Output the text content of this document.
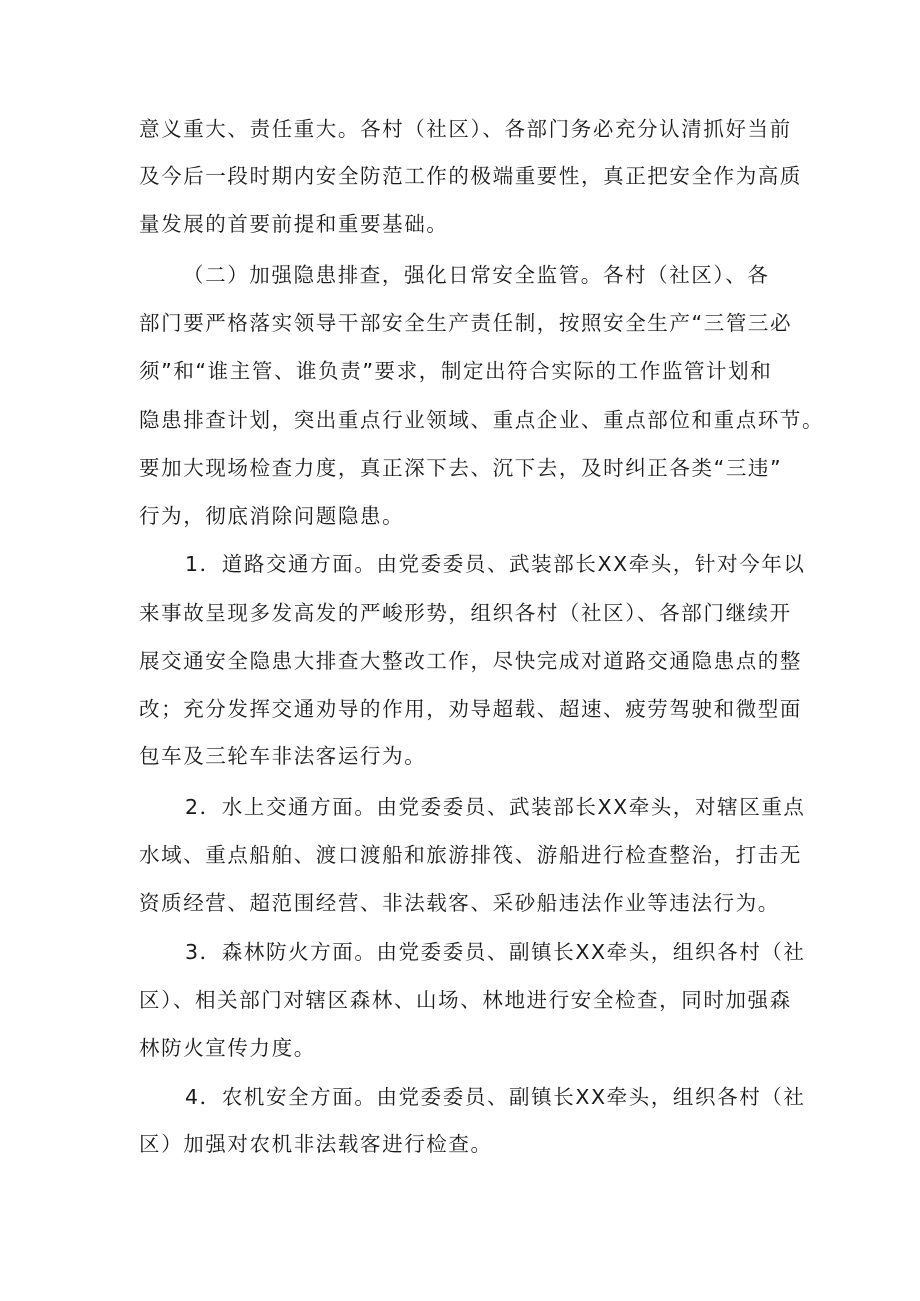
意义重大、责任重大。各村（社区）、各部门务必充分认清抓好当前
及今后一段时期内安全防范工作的极端重要性，真正把安全作为高质
量发展的首要前提和重要基础。
（二）加强隐患排查，强化日常安全监管。各村（社区）、各
部门要严格落实领导干部安全生产责任制，按照安全生产“三管三必
须”和“谁主管、谁负责”要求，制定出符合实际的工作监管计划和
隐患排查计划，突出重点行业领域、重点企业、重点部位和重点环节。
要加大现场检查力度，真正深下去、沉下去，及时纠正各类“三违”
行为，彻底消除问题隐患。
1．道路交通方面。由党委委员、武装部长XX牵头，针对今年以
来事故呈现多发高发的严峻形势，组织各村（社区）、各部门继续开
展交通安全隐患大排查大整改工作，尽快完成对道路交通隐患点的整
改；充分发挥交通劝导的作用，劝导超载、超速、疲劳驾驶和微型面
包车及三轮车非法客运行为。
2．水上交通方面。由党委委员、武装部长XX牵头，对辖区重点
水域、重点船舶、渡口渡船和旅游排筏、游船进行检查整治，打击无
资质经营、超范围经营、非法载客、采砂船违法作业等违法行为。
3．森林防火方面。由党委委员、副镇长XX牵头，组织各村（社
区）、相关部门对辖区森林、山场、林地进行安全检查，同时加强森
林防火宣传力度。
4．农机安全方面。由党委委员、副镇长XX牵头，组织各村（社
区）加强对农机非法载客进行检查。
